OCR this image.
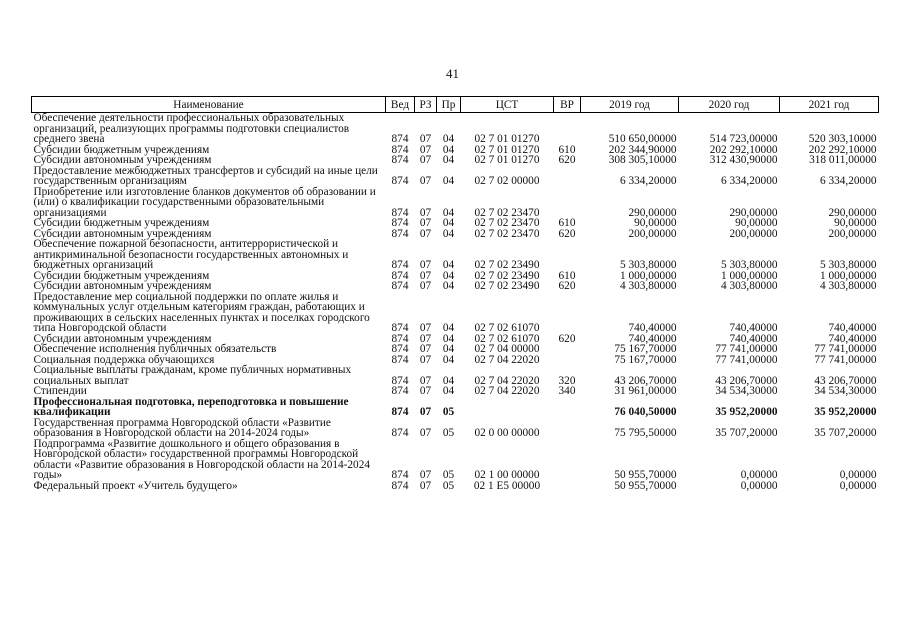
41
Наименование	Вед	РЗ	Пр	ЦСТ	ВР	2019 год	2020 год	2021 год
Обеспечение деятельности профессиональных образовательных организаций, реализующих программы подготовки специалистов среднего звена	874	07	04	02 7 01 01270		510 650,00000	514 723,00000	520 303,10000
Субсидии бюджетным учреждениям	874	07	04	02 7 01 01270	610	202 344,90000	202 292,10000	202 292,10000
Субсидии автономным учреждениям	874	07	04	02 7 01 01270	620	308 305,10000	312 430,90000	318 011,00000
Предоставление межбюджетных трансфертов и субсидий на иные цели государственным организациям	874	07	04	02 7 02 00000		6 334,20000	6 334,20000	6 334,20000
Приобретение или изготовление бланков документов об образовании и (или) о квалификации государственными образовательными организациями	874	07	04	02 7 02 23470		290,00000	290,00000	290,00000
Субсидии бюджетным учреждениям	874	07	04	02 7 02 23470	610	90,00000	90,00000	90,00000
Субсидии автономным учреждениям	874	07	04	02 7 02 23470	620	200,00000	200,00000	200,00000
Обеспечение пожарной безопасности, антитеррористической и антикриминальной безопасности государственных автономных и бюджетных организаций	874	07	04	02 7 02 23490		5 303,80000	5 303,80000	5 303,80000
Субсидии бюджетным учреждениям	874	07	04	02 7 02 23490	610	1 000,00000	1 000,00000	1 000,00000
Субсидии автономным учреждениям	874	07	04	02 7 02 23490	620	4 303,80000	4 303,80000	4 303,80000
Предоставление мер социальной поддержки по оплате жилья и коммунальных услуг отдельным категориям граждан, работающих и проживающих в сельских населенных пунктах и поселках городского типа Новгородской области	874	07	04	02 7 02 61070		740,40000	740,40000	740,40000
Субсидии автономным учреждениям	874	07	04	02 7 02 61070	620	740,40000	740,40000	740,40000
Обеспечение исполнения публичных обязательств	874	07	04	02 7 04 00000		75 167,70000	77 741,00000	77 741,00000
Социальная поддержка обучающихся	874	07	04	02 7 04 22020		75 167,70000	77 741,00000	77 741,00000
Социальные выплаты гражданам, кроме публичных нормативных социальных выплат	874	07	04	02 7 04 22020	320	43 206,70000	43 206,70000	43 206,70000
Стипендии	874	07	04	02 7 04 22020	340	31 961,00000	34 534,30000	34 534,30000
Профессиональная подготовка, переподготовка и повышение квалификации	874	07	05			76 040,50000	35 952,20000	35 952,20000
Государственная программа Новгородской области «Развитие образования в Новгородской области на 2014-2024 годы»	874	07	05	02 0 00 00000		75 795,50000	35 707,20000	35 707,20000
Подпрограмма «Развитие дошкольного и общего образования в Новгородской области» государственной программы Новгородской области «Развитие образования в Новгородской области на 2014-2024 годы»	874	07	05	02 1 00 00000		50 955,70000	0,00000	0,00000
Федеральный проект «Учитель будущего»	874	07	05	02 1 E5 00000		50 955,70000	0,00000	0,00000
